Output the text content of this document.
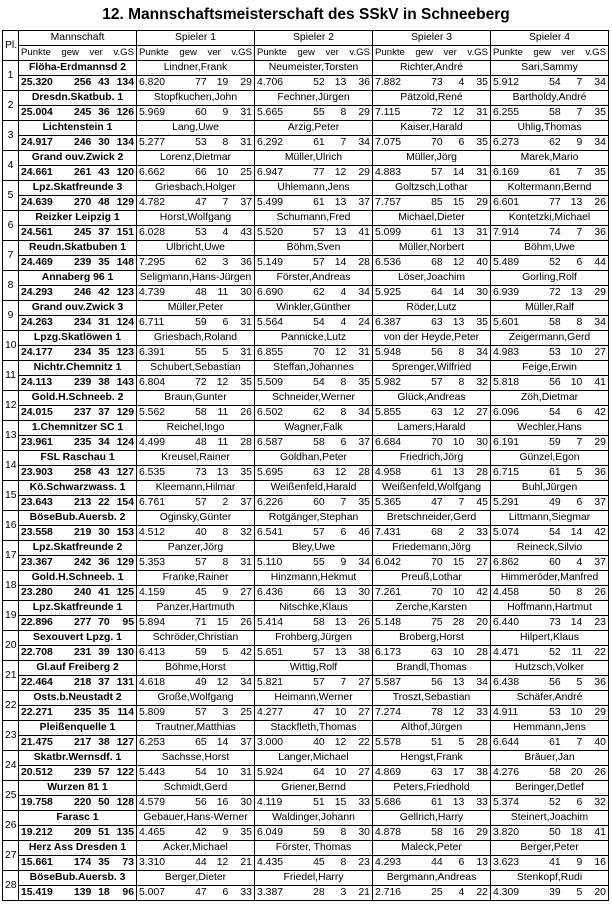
12. Mannschaftsmeisterschaft des SSkV in Schneeberg
Pl.	Mannschaft	Spieler 1	Spieler 2	Spieler 3	Spieler 4

	Punkte gew ver v.GS	Punkte gew ver v.GS	Punkte gew ver v.GS	Punkte gew ver v.GS	Punkte gew ver v.GS

1	Flöha-Erdmannsd 2	Lindner,Frank	Neumeister,Torsten	Richter,André	Sari,Sammy

	25.320 256 43 134	6.820 77 19 29	4.706 52 13 36	7.882 73 4 35	5.912 54 7 34

2	Dresdn.Skatbub. 1	Stopfkuchen,John	Fechner,Jürgen	Pätzold,René	Bartholdy,André

	25.004 245 36 126	5.969 60 9 31	5.665 55 8 29	7.115 72 12 31	6.255 58 7 35

3	Lichtenstein 1	Lang,Uwe	Arzig,Peter	Kaiser,Harald	Uhlig,Thomas

	24.917 246 30 134	5.277 53 8 31	6.292 61 7 34	7.075 70 6 35	6.273 62 9 34

4	Grand ouv.Zwick 2	Lorenz,Dietmar	Müller,Ulrich	Müller,Jörg	Marek,Mario

	24.661 261 43 120	6.662 66 10 25	6.947 77 12 29	4.883 57 14 31	6.169 61 7 35

5	Lpz.Skatfreunde 3	Griesbach,Holger	Uhlemann,Jens	Goltzsch,Lothar	Koltermann,Bernd

	24.639 270 48 129	4.782 47 7 37	5.499 61 13 37	7.757 85 15 29	6.601 77 13 26

6	Reizker Leipzig 1	Horst,Wolfgang	Schumann,Fred	Michael,Dieter	Kontetzki,Michael

	24.561 245 37 151	6.028 53 4 43	5.520 57 13 41	5.099 61 13 31	7.914 74 7 36

7	Reudn.Skatbuben 1	Ulbricht,Uwe	Böhm,Sven	Müller,Norbert	Böhm,Uwe

	24.469 239 35 148	7.295 62 3 36	5.149 57 14 28	6.536 68 12 40	5.489 52 6 44

8	Annaberg 96 1	Seligmann,Hans-Jürgen	Förster,Andreas	Löser,Joachim	Gorling,Rolf

	24.293 246 42 123	4.739 48 11 30	6.690 62 4 34	5.925 64 14 30	6.939 72 13 29

9	Grand ouv.Zwick 3	Müller,Peter	Winkler,Günther	Röder,Lutz	Müller,Ralf

	24.263 234 31 124	6.711 59 6 31	5.564 54 4 24	6.387 63 13 35	5.601 58 8 34

10	Lpzg.Skatlöwen 1	Griesbach,Roland	Pannicke,Lutz	von der Heyde,Peter	Zeigermann,Gerd

	24.177 234 35 123	6.391 55 5 31	6.855 70 12 31	5.948 56 8 34	4.983 53 10 27

11	Nichtr.Chemnitz 1	Schubert,Sebastian	Steffan,Johannes	Sprenger,Wilfried	Feige,Erwin

	24.113 239 38 143	6.804 72 12 35	5.509 54 8 35	5.982 57 8 32	5.818 56 10 41

12	Gold.H.Schneeb. 2	Braun,Gunter	Schneider,Werner	Glück,Andreas	Zöh,Dietmar

	24.015 237 37 129	5.562 58 11 26	6.502 62 8 34	5.855 63 12 27	6.096 54 6 42

13	1.Chemnitzer SC 1	Reichel,Ingo	Wagner,Falk	Lamers,Harald	Wechler,Hans

	23.961 235 34 124	4.499 48 11 28	6.587 58 6 37	6.684 70 10 30	6.191 59 7 29

14	FSL Raschau 1	Kreusel,Rainer	Goldhan,Peter	Friedrich,Jörg	Günzel,Egon

	23.903 258 43 127	6.535 73 13 35	5.695 63 12 28	4.958 61 13 28	6.715 61 5 36

15	Kö.Schwarzwass. 1	Kleemann,Hilmar	Weißenfeld,Harald	Weißenfeld,Wolfgang	Buhl,Jürgen

	23.643 213 22 154	6.761 57 2 37	6.226 60 7 35	5.365 47 7 45	5.291 49 6 37

16	BöseBub.Auersb. 2	Oginsky,Günter	Rotgänger,Stephan	Bretschneider,Gerd	Littmann,Siegmar

	23.558 219 30 153	4.512 40 8 32	6.541 57 6 46	7.431 68 2 33	5.074 54 14 42

17	Lpz.Skatfreunde 2	Panzer,Jörg	Bley,Uwe	Friedemann,Jörg	Reineck,Silvio

	23.367 242 36 129	5.353 57 8 31	5.110 55 9 34	6.042 70 15 27	6.862 60 4 37

18	Gold.H.Schneeb. 1	Franke,Rainer	Hinzmann,Hekmut	Preuß,Lothar	Himmeröder,Manfred

	23.280 240 41 125	4.159 45 9 27	6.436 66 13 30	7.261 70 10 42	4.458 50 8 26

19	Lpz.Skatfreunde 1	Panzer,Hartmuth	Nitschke,Klaus	Zerche,Karsten	Hoffmann,Hartmut

	22.896 277 70 95	5.894 71 15 26	5.414 58 13 26	5.148 75 28 20	6.440 73 14 23

20	Sexouvert Lpzg. 1	Schröder,Christian	Frohberg,Jürgen	Broberg,Horst	Hilpert,Klaus

	22.708 231 39 130	6.413 59 5 42	5.651 57 13 38	6.173 63 10 28	4.471 52 11 22

21	Gl.auf Freiberg 2	Böhme,Horst	Wittig,Rolf	Brandl,Thomas	Hutzsch,Volker

	22.464 218 37 131	4.618 49 12 34	5.821 57 7 27	5.587 56 13 34	6.438 56 5 36

22	Osts.b.Neustadt 2	Große,Wolfgang	Heimann,Werner	Troszt,Sebastian	Schäfer,André

	22.271 235 35 114	5.809 57 3 25	4.277 47 10 27	7.274 78 12 33	4.911 53 10 29

23	Pleißenquelle 1	Trautner,Matthias	Stackfleth,Thomas	Althof,Jürgen	Hemmann,Jens

	21.475 217 38 127	6.253 65 14 37	3.000 40 12 22	5.578 51 5 28	6.644 61 7 40

24	Skatbr.Wernsdf. 1	Sachsse,Horst	Langer,Michael	Hengst,Frank	Bräuer,Jan

	20.512 239 57 122	5.443 54 10 31	5.924 64 10 27	4.869 63 17 38	4.276 58 20 26

25	Wurzen 81 1	Schmidt,Gerd	Griener,Bernd	Peters,Friedhold	Beringer,Detlef

	19.758 220 50 128	4.579 56 16 30	4.119 51 15 33	5.686 61 13 33	5.374 52 6 32

26	Farasc 1	Gebauer,Hans-Werner	Waldinger,Johann	Gellrich,Harry	Steinert,Joachim

	19.212 209 51 135	4.465 42 9 35	6.049 59 8 30	4.878 58 16 29	3.820 50 18 41

27	Herz Ass Dresden 1	Acker,Michael	Förster, Thomas	Maleck,Peter	Berger,Peter

	15.661 174 35 73	3.310 44 12 21	4.435 45 8 23	4.293 44 6 13	3.623 41 9 16

28	BöseBub.Auersb. 3	Berger,Dieter	Friedel,Harry	Bergmann,Andreas	Stenkopf,Rudi

	15.419 139 18 96	5.007 47 6 33	3.387 28 3 21	2.716 25 4 22	4.309 39 5 20
